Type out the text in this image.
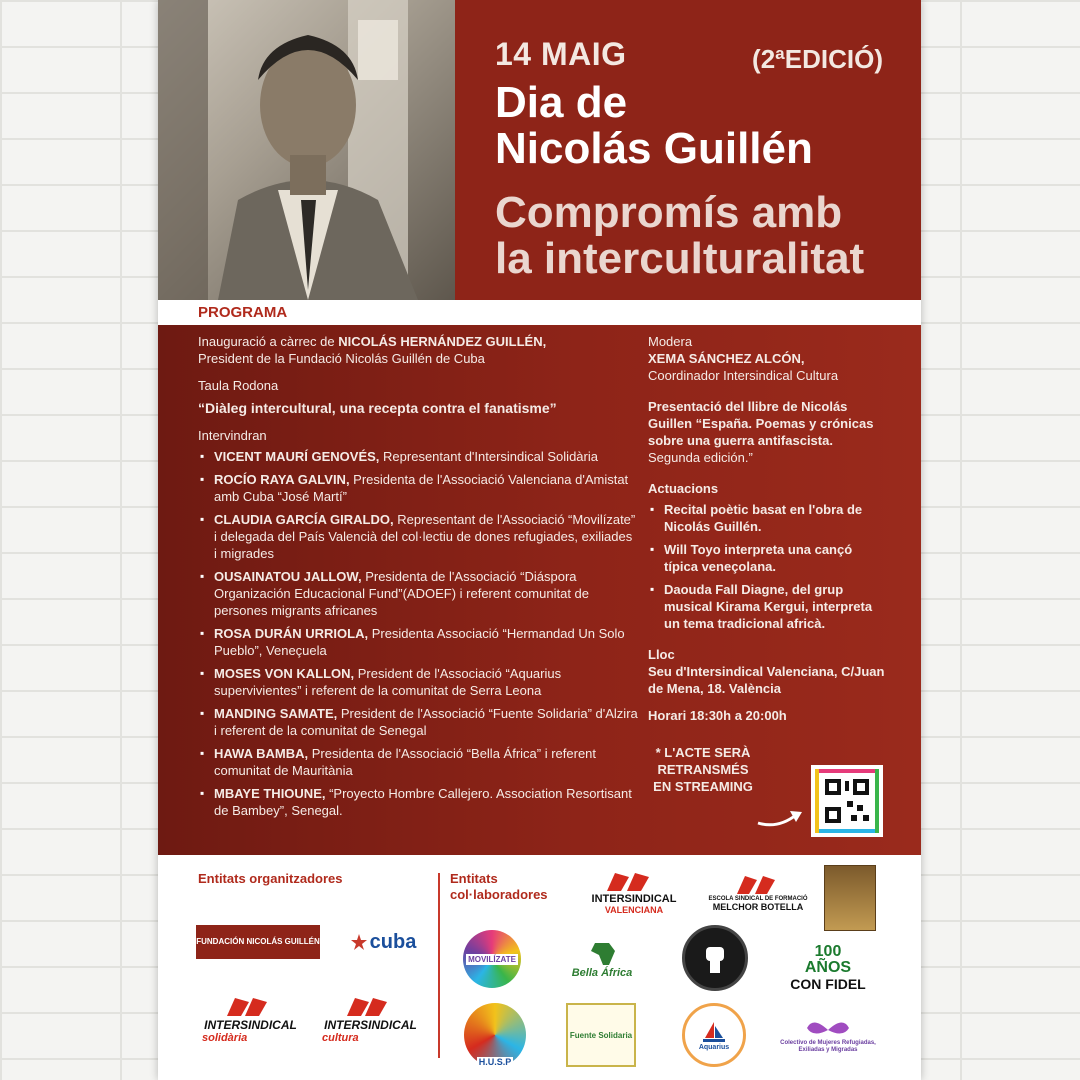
14 MAIG	(2ªEDICIÓ)
Dia de
Nicolás Guillén
Compromís amb
la interculturalitat
PROGRAMA

Inauguració a càrrec de NICOLÁS HERNÁNDEZ GUILLÉN,
President de la Fundació Nicolás Guillén de Cuba

Taula Rodona

“Diàleg intercultural, una recepta contra el fanatisme”

Intervindran

▪ VICENT MAURÍ GENOVÉS, Representant d'Intersindical Solidària
▪ ROCÍO RAYA GALVIN, Presidenta de l'Associació Valenciana d'Amistat amb Cuba “José Martí”
▪ CLAUDIA GARCÍA GIRALDO, Representant de l'Associació “Movilízate” i delegada del País Valencià del col·lectiu de dones refugiades, exiliades i migrades
▪ OUSAINATOU JALLOW, Presidenta de l'Associació “Diáspora Organización Educacional Fund”(ADOEF) i referent comunitat de persones migrants africanes
▪ ROSA DURÁN URRIOLA, Presidenta Associació “Hermandad Un Solo Pueblo”, Veneçuela
▪ MOSES VON KALLON, President de l'Associació “Aquarius supervivientes” i referent de la comunitat de Serra Leona
▪ MANDING SAMATE, President de l'Associació “Fuente Solidaria” d'Alzira i referent de la comunitat de Senegal
▪ HAWA BAMBA, Presidenta de l'Associació “Bella África” i referent comunitat de Mauritània
▪ MBAYE THIOUNE, “Proyecto Hombre Callejero. Association Resortisant de Bambey”, Senegal.

Modera
XEMA SÁNCHEZ ALCÓN,
Coordinador Intersindical Cultura

Presentació del llibre de Nicolás Guillen “España. Poemas y crónicas sobre una guerra antifascista. Segunda edición.”

Actuacions

▪ Recital poètic basat en l'obra de Nicolás Guillén.
▪ Will Toyo interpreta una cançó típica veneçolana.
▪ Daouda Fall Diagne, del grup musical Kirama Kergui, interpreta un tema tradicional africà.

Lloc
Seu d'Intersindical Valenciana, C/Juan de Mena, 18. València

Horari 18:30h a 20:00h

* L'ACTE SERÀ RETRANSMÉS EN STREAMING

Entitats organitzadores	Entitats col·laboradores
FUNDACIÓN NICOLÁS GUILLÉN cuba
INTERSINDICAL
solidària
INTERSINDICAL
cultura
INTERSINDICAL
VALENCIANA
ESCOLA SINDICAL DE FORMACIÓ
MELCHOR BOTELLA
MOVILÍZATE
Bella África
100 AÑOS
CON FIDEL
H.U.S.P
Fuente Solidaria
Aquarius
Colectivo de Mujeres Refugiadas, Exiliadas y Migradas
